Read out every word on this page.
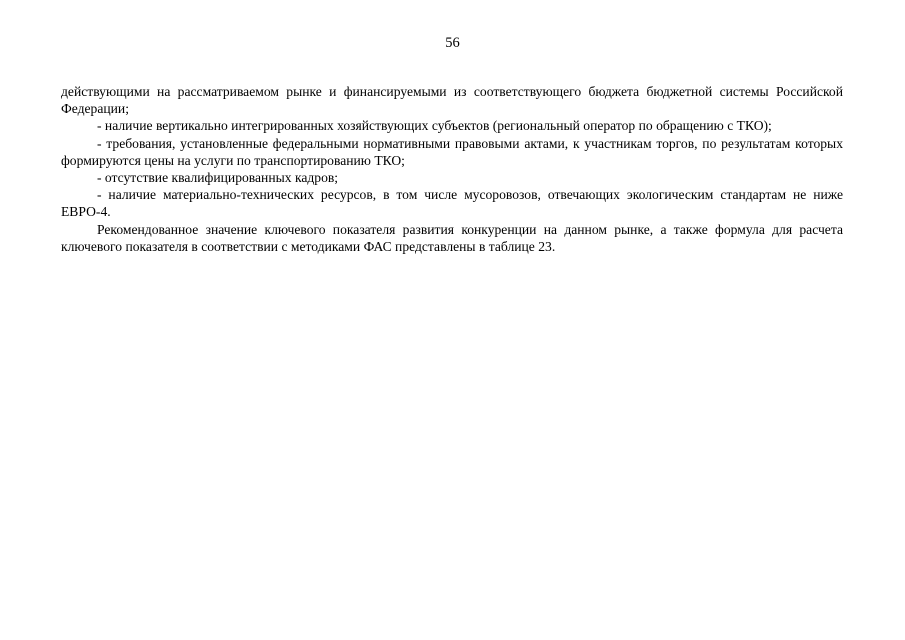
56

действующими на рассматриваемом рынке и финансируемыми из соответствующего бюджета бюджетной системы Российской Федерации;

- наличие вертикально интегрированных хозяйствующих субъектов (региональный оператор по обращению с ТКО);

- требования, установленные федеральными нормативными правовыми актами, к участникам торгов, по результатам которых формируются цены на услуги по транспортированию ТКО;

- отсутствие квалифицированных кадров;

- наличие материально-технических ресурсов, в том числе мусоровозов, отвечающих экологическим стандартам не ниже ЕВРО-4.

Рекомендованное значение ключевого показателя развития конкуренции на данном рынке, а также формула для расчета ключевого показателя в соответствии с методиками ФАС представлены в таблице 23.
